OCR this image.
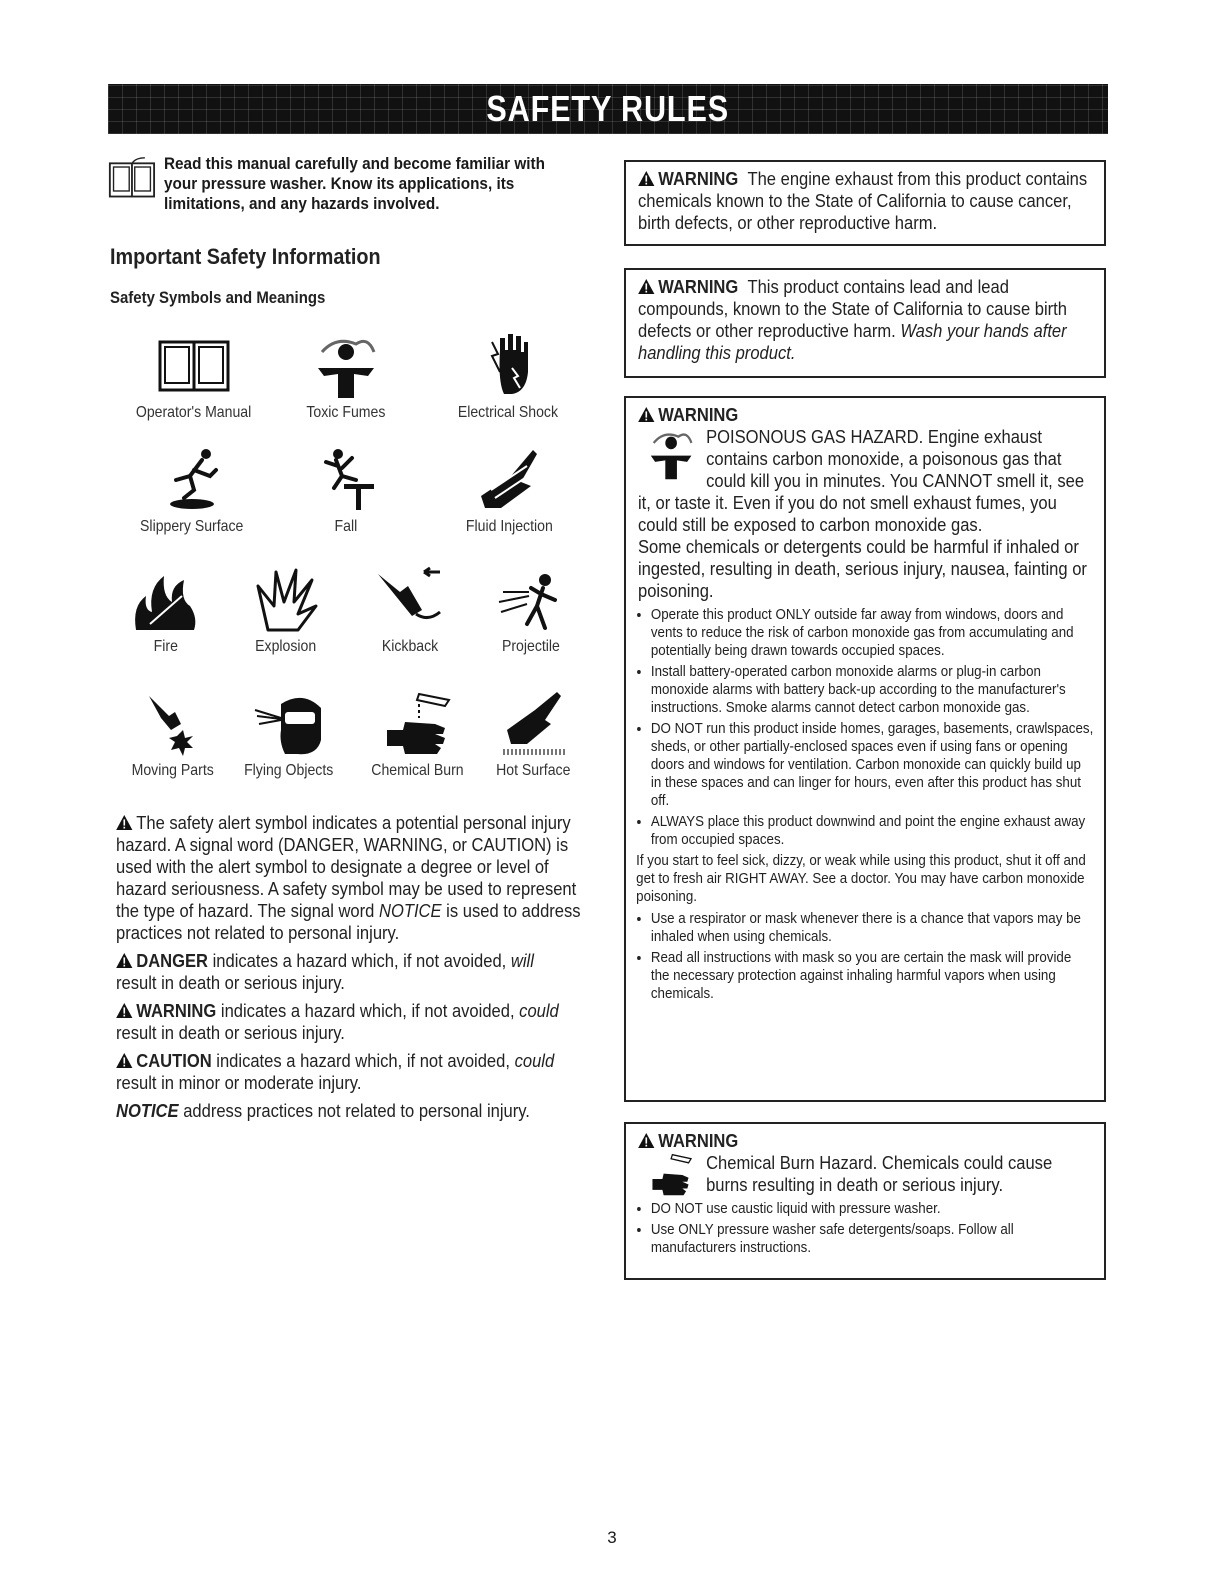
SAFETY RULES

Read this manual carefully and become familiar with your pressure washer. Know its applications, its limitations, and any hazards involved.

Important Safety Information
Safety Symbols and Meanings
Operator's Manual	Toxic Fumes	Electrical Shock
Slippery Surface	Fall	Fluid Injection
Fire	Explosion	Kickback	Projectile
Moving Parts Flying Objects Chemical Burn Hot Surface

The safety alert symbol indicates a potential personal injury hazard. A signal word (DANGER, WARNING, or CAUTION) is used with the alert symbol to designate a degree or level of hazard seriousness. A safety symbol may be used to represent the type of hazard. The signal word NOTICE is used to address practices not related to personal injury.

DANGER indicates a hazard which, if not avoided, will
result in death or serious injury.

WARNING indicates a hazard which, if not avoided, could
result in death or serious injury.

CAUTION indicates a hazard which, if not avoided, could
result in minor or moderate injury.

NOTICE address practices not related to personal injury.

WARNING The engine exhaust from this product contains chemicals known to the State of California to cause cancer, birth defects, or other reproductive harm.
WARNING This product contains lead and lead compounds, known to the State of California to cause birth defects or other reproductive harm. Wash your hands after handling this product.
WARNING
POISONOUS GAS HAZARD. Engine exhaust contains carbon monoxide, a poisonous gas that could kill you in minutes. You CANNOT smell it, see it, or taste it. Even if you do not smell exhaust fumes, you could still be exposed to carbon monoxide gas.
Some chemicals or detergents could be harmful if inhaled or ingested, resulting in death, serious injury, nausea, fainting or poisoning.
• Operate this product ONLY outside far away from windows, doors and vents to reduce the risk of carbon monoxide gas from accumulating and potentially being drawn towards occupied spaces.
• Install battery-operated carbon monoxide alarms or plug-in carbon monoxide alarms with battery back-up according to the manufacturer's instructions. Smoke alarms cannot detect carbon monoxide gas.
• DO NOT run this product inside homes, garages, basements, crawlspaces, sheds, or other partially-enclosed spaces even if using fans or opening doors and windows for ventilation. Carbon monoxide can quickly build up in these spaces and can linger for hours, even after this product has shut off.
• ALWAYS place this product downwind and point the engine exhaust away from occupied spaces.
If you start to feel sick, dizzy, or weak while using this product, shut it off and get to fresh air RIGHT AWAY. See a doctor. You may have carbon monoxide poisoning.
• Use a respirator or mask whenever there is a chance that vapors may be inhaled when using chemicals.
• Read all instructions with mask so you are certain the mask will provide the necessary protection against inhaling harmful vapors when using chemicals.
WARNING
Chemical Burn Hazard. Chemicals could cause burns resulting in death or serious injury.
• DO NOT use caustic liquid with pressure washer.
• Use ONLY pressure washer safe detergents/soaps. Follow all manufacturers instructions.
3
